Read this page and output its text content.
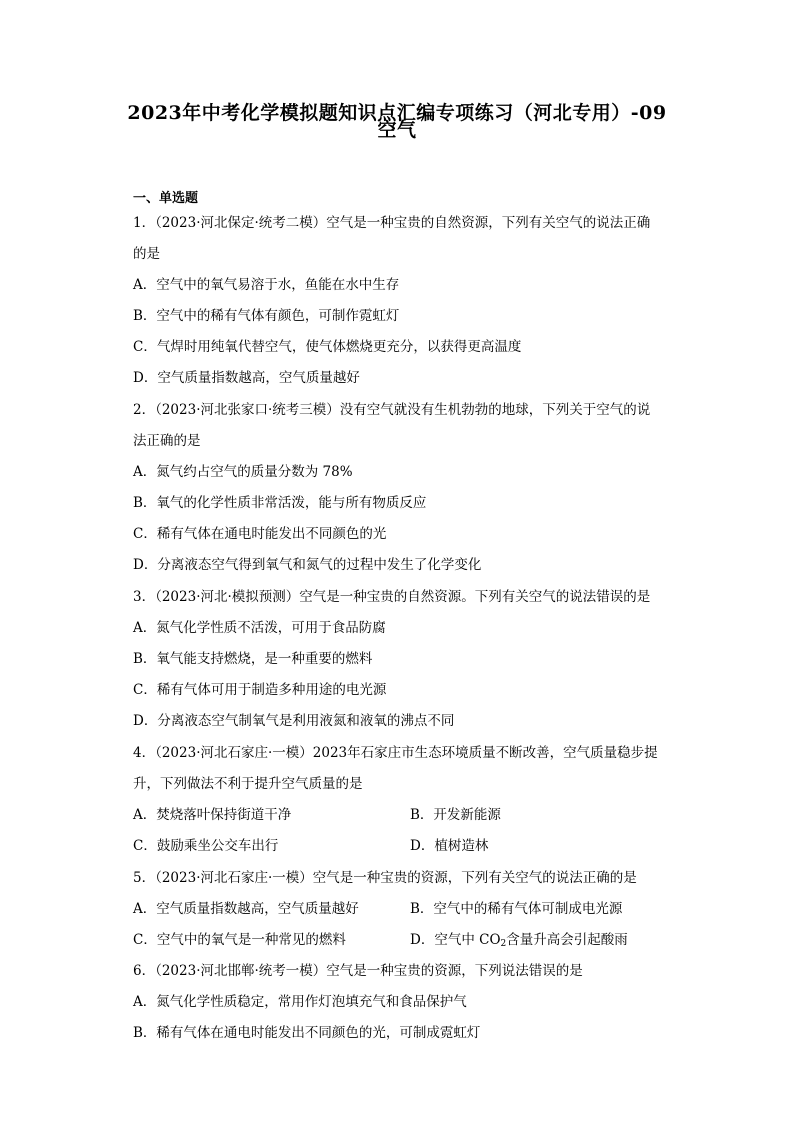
2023年中考化学模拟题知识点汇编专项练习（河北专用）-09
空气
一、单选题
1．（2023·河北保定·统考二模）空气是一种宝贵的自然资源，下列有关空气的说法正确
的是
A．空气中的氧气易溶于水，鱼能在水中生存
B．空气中的稀有气体有颜色，可制作霓虹灯
C．气焊时用纯氧代替空气，使气体燃烧更充分，以获得更高温度
D．空气质量指数越高，空气质量越好
2．（2023·河北张家口·统考三模）没有空气就没有生机勃勃的地球，下列关于空气的说
法正确的是
A．氮气约占空气的质量分数为 78%
B．氧气的化学性质非常活泼，能与所有物质反应
C．稀有气体在通电时能发出不同颜色的光
D．分离液态空气得到氧气和氮气的过程中发生了化学变化
3．（2023·河北·模拟预测）空气是一种宝贵的自然资源。下列有关空气的说法错误的是
A．氮气化学性质不活泼，可用于食品防腐
B．氧气能支持燃烧，是一种重要的燃料
C．稀有气体可用于制造多种用途的电光源
D．分离液态空气制氧气是利用液氮和液氧的沸点不同
4．（2023·河北石家庄·一模）2023年石家庄市生态环境质量不断改善，空气质量稳步提
升，下列做法不利于提升空气质量的是
A．焚烧落叶保持街道干净	B．开发新能源
C．鼓励乘坐公交车出行	D．植树造林
5．（2023·河北石家庄·一模）空气是一种宝贵的资源，下列有关空气的说法正确的是
A．空气质量指数越高，空气质量越好	B．空气中的稀有气体可制成电光源
C．空气中的氧气是一种常见的燃料	D．空气中 $CO_2$含量升高会引起酸雨
6．（2023·河北邯郸·统考一模）空气是一种宝贵的资源，下列说法错误的是
A．氮气化学性质稳定，常用作灯泡填充气和食品保护气
B．稀有气体在通电时能发出不同颜色的光，可制成霓虹灯
